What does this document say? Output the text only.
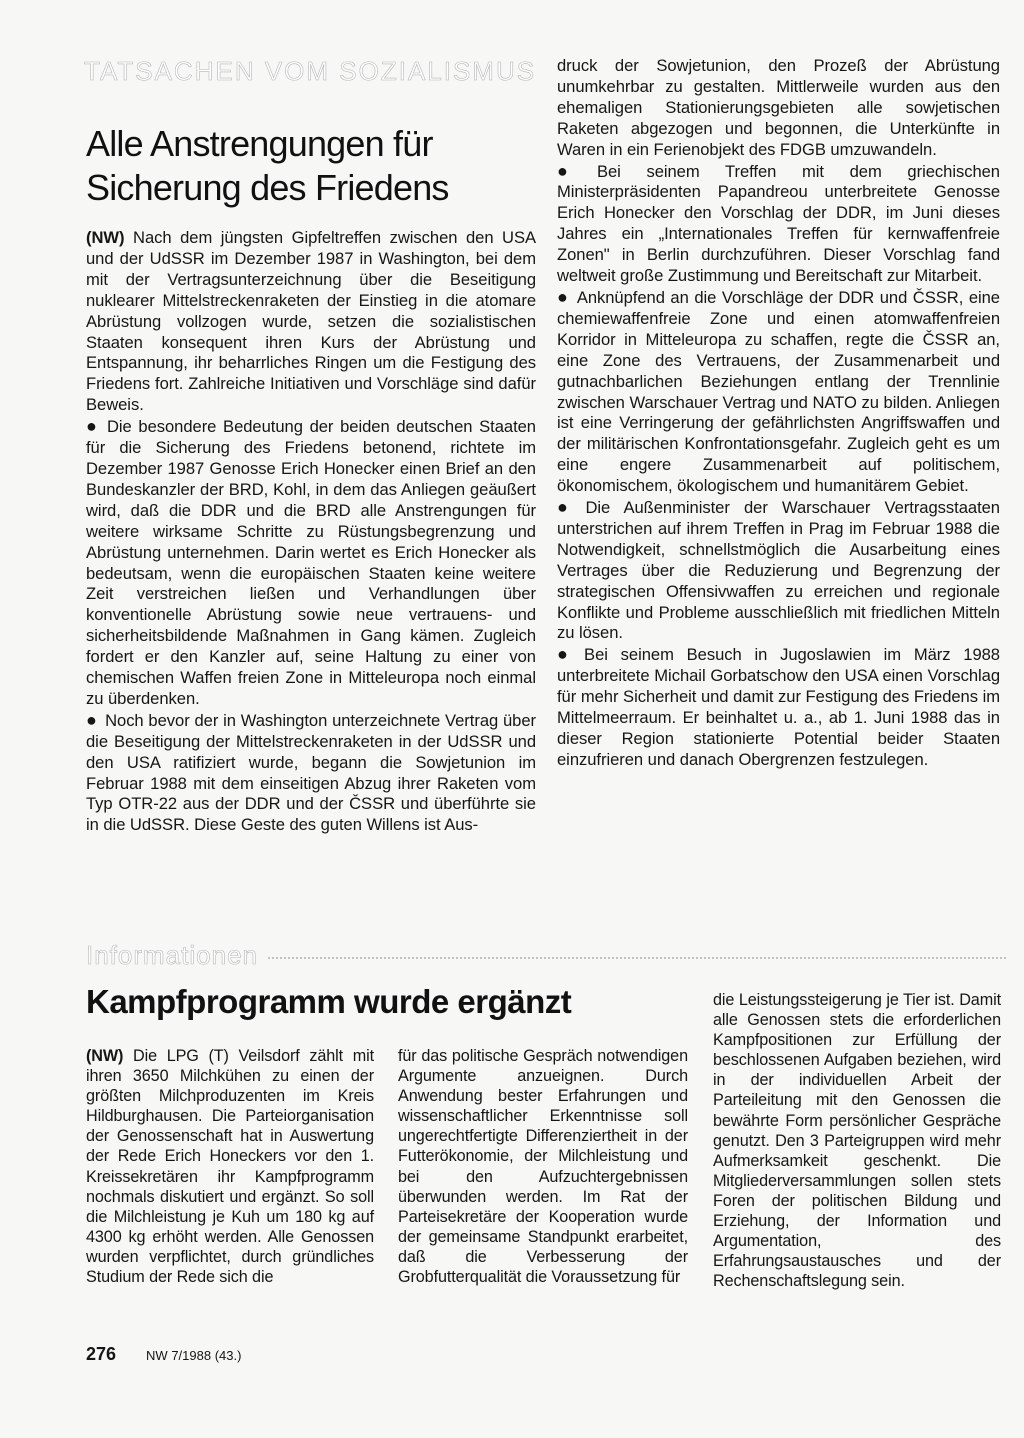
TATSACHEN VOM SOZIALISMUS
Alle Anstrengungen für Sicherung des Friedens

(NW) Nach dem jüngsten Gipfeltreffen zwischen den USA und der UdSSR im Dezember 1987 in Washington, bei dem mit der Vertragsunterzeichnung über die Beseitigung nuklearer Mittelstreckenraketen der Einstieg in die atomare Abrüstung vollzogen wurde, setzen die sozialistischen Staaten konsequent ihren Kurs der Abrüstung und Entspannung, ihr beharrliches Ringen um die Festigung des Friedens fort. Zahlreiche Initiativen und Vorschläge sind dafür Beweis.

● Die besondere Bedeutung der beiden deutschen Staaten für die Sicherung des Friedens betonend, richtete im Dezember 1987 Genosse Erich Honecker einen Brief an den Bundeskanzler der BRD, Kohl, in dem das Anliegen geäußert wird, daß die DDR und die BRD alle Anstrengungen für weitere wirksame Schritte zu Rüstungsbegrenzung und Abrüstung unternehmen. Darin wertet es Erich Honecker als bedeutsam, wenn die europäischen Staaten keine weitere Zeit verstreichen ließen und Verhandlungen über konventionelle Abrüstung sowie neue vertrauens- und sicherheitsbildende Maßnahmen in Gang kämen. Zugleich fordert er den Kanzler auf, seine Haltung zu einer von chemischen Waffen freien Zone in Mitteleuropa noch einmal zu überdenken.

● Noch bevor der in Washington unterzeichnete Vertrag über die Beseitigung der Mittelstreckenraketen in der UdSSR und den USA ratifiziert wurde, begann die Sowjetunion im Februar 1988 mit dem einseitigen Abzug ihrer Raketen vom Typ OTR-22 aus der DDR und der ČSSR und überführte sie in die UdSSR. Diese Geste des guten Willens ist Aus-

druck der Sowjetunion, den Prozeß der Abrüstung unumkehrbar zu gestalten. Mittlerweile wurden aus den ehemaligen Stationierungsgebieten alle sowjetischen Raketen abgezogen und begonnen, die Unterkünfte in Waren in ein Ferienobjekt des FDGB umzuwandeln.

● Bei seinem Treffen mit dem griechischen Ministerpräsidenten Papandreou unterbreitete Genosse Erich Honecker den Vorschlag der DDR, im Juni dieses Jahres ein „Internationales Treffen für kernwaffenfreie Zonen" in Berlin durchzuführen. Dieser Vorschlag fand weltweit große Zustimmung und Bereitschaft zur Mitarbeit.

● Anknüpfend an die Vorschläge der DDR und ČSSR, eine chemiewaffenfreie Zone und einen atomwaffenfreien Korridor in Mitteleuropa zu schaffen, regte die ČSSR an, eine Zone des Vertrauens, der Zusammenarbeit und gutnachbarlichen Beziehungen entlang der Trennlinie zwischen Warschauer Vertrag und NATO zu bilden. Anliegen ist eine Verringerung der gefährlichsten Angriffswaffen und der militärischen Konfrontationsgefahr. Zugleich geht es um eine engere Zusammenarbeit auf politischem, ökonomischem, ökologischem und humanitärem Gebiet.

● Die Außenminister der Warschauer Vertragsstaaten unterstrichen auf ihrem Treffen in Prag im Februar 1988 die Notwendigkeit, schnellstmöglich die Ausarbeitung eines Vertrages über die Reduzierung und Begrenzung der strategischen Offensivwaffen zu erreichen und regionale Konflikte und Probleme ausschließlich mit friedlichen Mitteln zu lösen.

● Bei seinem Besuch in Jugoslawien im März 1988 unterbreitete Michail Gorbatschow den USA einen Vorschlag für mehr Sicherheit und damit zur Festigung des Friedens im Mittelmeerraum. Er beinhaltet u. a., ab 1. Juni 1988 das in dieser Region stationierte Potential beider Staaten einzufrieren und danach Obergrenzen festzulegen.

Informationen
Kampfprogramm wurde ergänzt

(NW) Die LPG (T) Veilsdorf zählt mit ihren 3650 Milchkühen zu einen der größten Milchproduzenten im Kreis Hildburghausen. Die Parteiorganisation der Genossenschaft hat in Auswertung der Rede Erich Honeckers vor den 1. Kreissekretären ihr Kampfprogramm nochmals diskutiert und ergänzt. So soll die Milchleistung je Kuh um 180 kg auf 4300 kg erhöht werden. Alle Genossen wurden verpflichtet, durch gründliches Studium der Rede sich die

für das politische Gespräch notwendigen Argumente anzueignen. Durch Anwendung bester Erfahrungen und wissenschaftlicher Erkenntnisse soll ungerechtfertigte Differenziertheit in der Futterökonomie, der Milchleistung und bei den Aufzuchtergebnissen überwunden werden. Im Rat der Parteisekretäre der Kooperation wurde der gemeinsame Standpunkt erarbeitet, daß die Verbesserung der Grobfutterqualität die Voraussetzung für

die Leistungssteigerung je Tier ist. Damit alle Genossen stets die erforderlichen Kampfpositionen zur Erfüllung der beschlossenen Aufgaben beziehen, wird in der individuellen Arbeit der Parteileitung mit den Genossen die bewährte Form persönlicher Gespräche genutzt. Den 3 Parteigruppen wird mehr Aufmerksamkeit geschenkt. Die Mitgliederversammlungen sollen stets Foren der politischen Bildung und Erziehung, der Information und Argumentation, des Erfahrungsaustausches und der Rechenschaftslegung sein.

276 NW 7/1988 (43.)
